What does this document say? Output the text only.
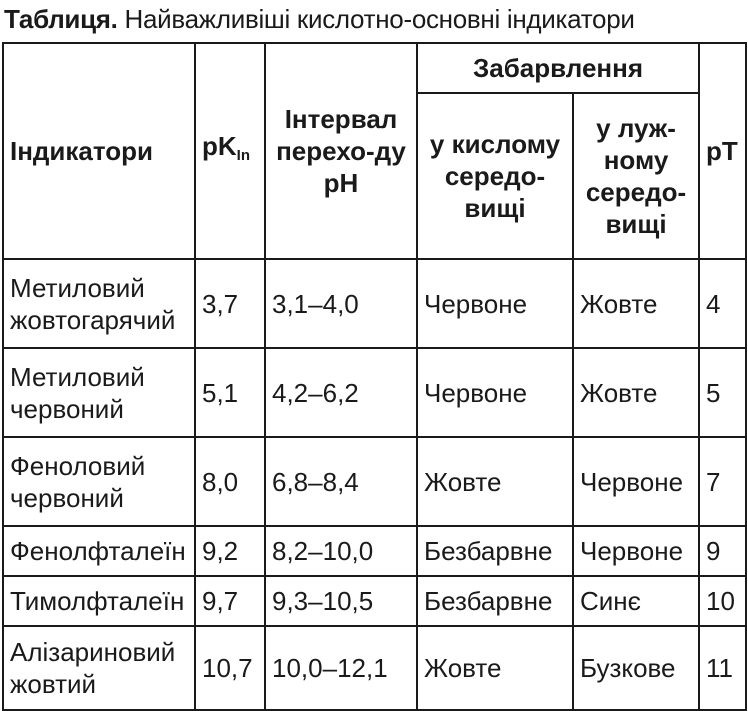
Таблиця. Найважливіші кислотно-основні індикатори
Індикатори	$pK_{In}$	Інтервал перехо-ду рН	Забарвлення		рТ
			у кислому середо-вищі	у луж-ному середо-вищі	
Метиловий жовтогарячий	3,7	3,1–4,0	Червоне	Жовте	4
Метиловий червоний	5,1	4,2–6,2	Червоне	Жовте	5
Феноловий червоний	8,0	6,8–8,4	Жовте	Червоне	7
Фенолфталеїн	9,2	8,2–10,0	Безбарвне	Червоне	9
Тимолфталеїн	9,7	9,3–10,5	Безбарвне	Синє	10
Алізариновий жовтий	10,7	10,0–12,1	Жовте	Бузкове	11
